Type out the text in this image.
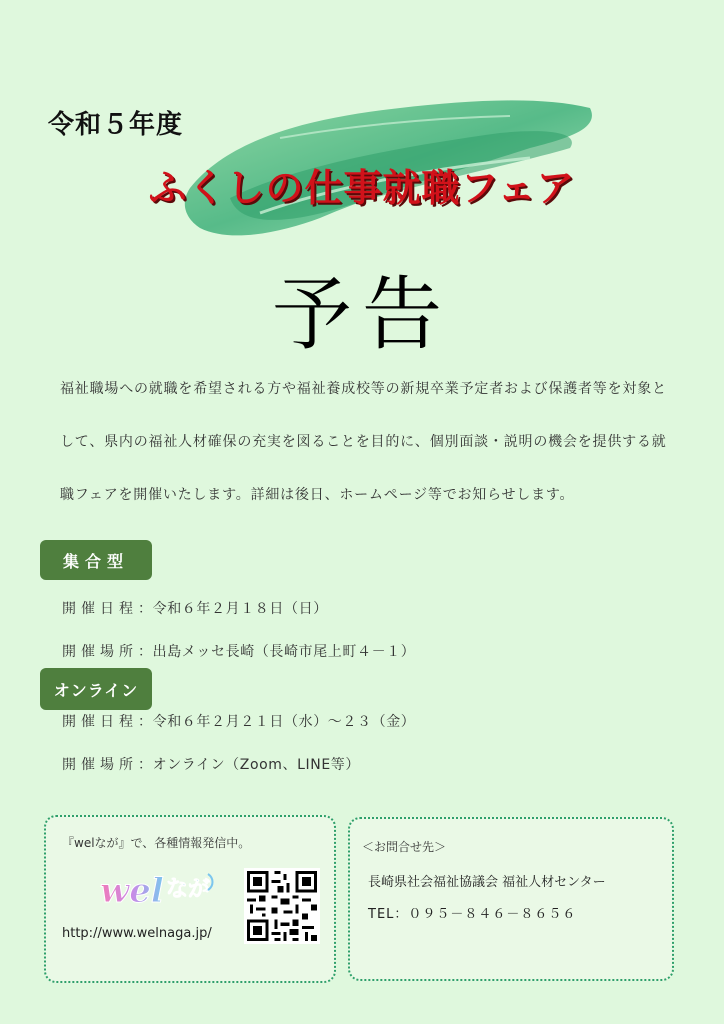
令和５年度
ふくしの仕事就職フェア
予告
福祉職場への就職を希望される方や福祉養成校等の新規卒業予定者および保護者等を対象と
して、県内の福祉人材確保の充実を図ることを目的に、個別面談・説明の機会を提供する就
職フェアを開催いたします。詳細は後日、ホームページ等でお知らせします。
集合型
開催日程：令和６年２月１８日（日）
開催場所：出島メッセ長崎（長崎市尾上町４－１）
オンライン
開催日程：令和６年２月２１日（水）～２３（金）
開催場所：オンライン（Zoom、LINE等）
『welなが』で、各種情報発信中。
wel なが
http://www.welnaga.jp/
＜お問合せ先＞
長崎県社会福祉協議会 福祉人材センター
TEL：０９５－８４６－８６５６
